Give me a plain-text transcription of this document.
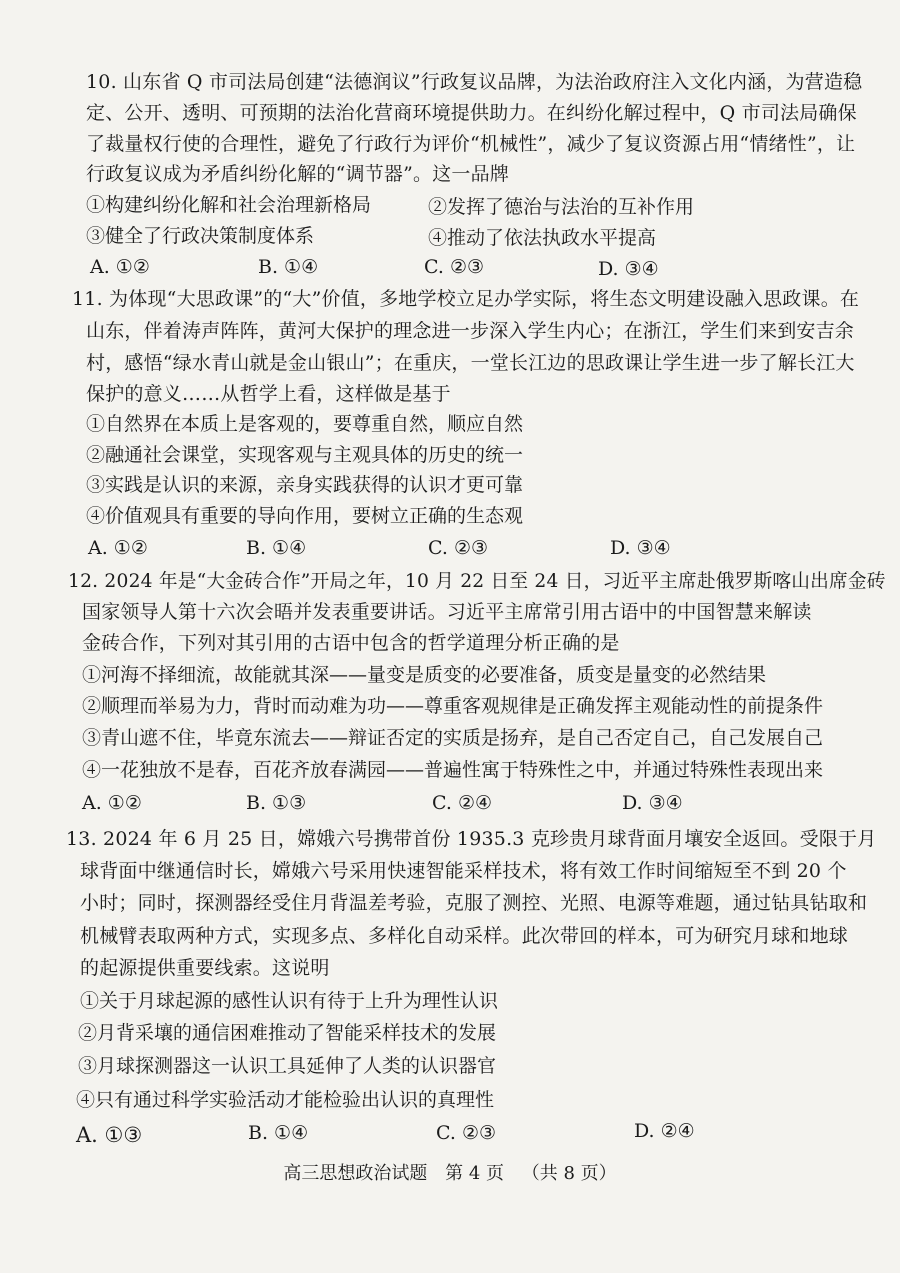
10. 山东省 Q 市司法局创建“法德润议”行政复议品牌，为法治政府注入文化内涵，为营造稳
定、公开、透明、可预期的法治化营商环境提供助力。在纠纷化解过程中，Q 市司法局确保
了裁量权行使的合理性，避免了行政行为评价“机械性”，减少了复议资源占用“情绪性”，让
行政复议成为矛盾纠纷化解的“调节器”。这一品牌
①构建纠纷化解和社会治理新格局	②发挥了德治与法治的互补作用
③健全了行政决策制度体系	④推动了依法执政水平提高
A. ①②	B. ①④	C. ②③	D. ③④
11. 为体现“大思政课”的“大”价值，多地学校立足办学实际，将生态文明建设融入思政课。在
山东，伴着涛声阵阵，黄河大保护的理念进一步深入学生内心；在浙江，学生们来到安吉余
村，感悟“绿水青山就是金山银山”；在重庆，一堂长江边的思政课让学生进一步了解长江大
保护的意义……从哲学上看，这样做是基于
①自然界在本质上是客观的，要尊重自然，顺应自然
②融通社会课堂，实现客观与主观具体的历史的统一
③实践是认识的来源，亲身实践获得的认识才更可靠
④价值观具有重要的导向作用，要树立正确的生态观
A. ①②	B. ①④	C. ②③	D. ③④
12. 2024 年是“大金砖合作”开局之年，10 月 22 日至 24 日，习近平主席赴俄罗斯喀山出席金砖
国家领导人第十六次会晤并发表重要讲话。习近平主席常引用古语中的中国智慧来解读
金砖合作，下列对其引用的古语中包含的哲学道理分析正确的是
①河海不择细流，故能就其深——量变是质变的必要准备，质变是量变的必然结果
②顺理而举易为力，背时而动难为功——尊重客观规律是正确发挥主观能动性的前提条件
③青山遮不住，毕竟东流去——辩证否定的实质是扬弃，是自己否定自己，自己发展自己
④一花独放不是春，百花齐放春满园——普遍性寓于特殊性之中，并通过特殊性表现出来
A. ①②	B. ①③	C. ②④	D. ③④
13. 2024 年 6 月 25 日，嫦娥六号携带首份 1935.3 克珍贵月球背面月壤安全返回。受限于月
球背面中继通信时长，嫦娥六号采用快速智能采样技术，将有效工作时间缩短至不到 20 个
小时；同时，探测器经受住月背温差考验，克服了测控、光照、电源等难题，通过钻具钻取和
机械臂表取两种方式，实现多点、多样化自动采样。此次带回的样本，可为研究月球和地球
的起源提供重要线索。这说明
①关于月球起源的感性认识有待于上升为理性认识
②月背采壤的通信困难推动了智能采样技术的发展
③月球探测器这一认识工具延伸了人类的认识器官
④只有通过科学实验活动才能检验出认识的真理性
A. ①③	B. ①④	C. ②③	D. ②④
高三思想政治试题 第 4 页 （共 8 页）
